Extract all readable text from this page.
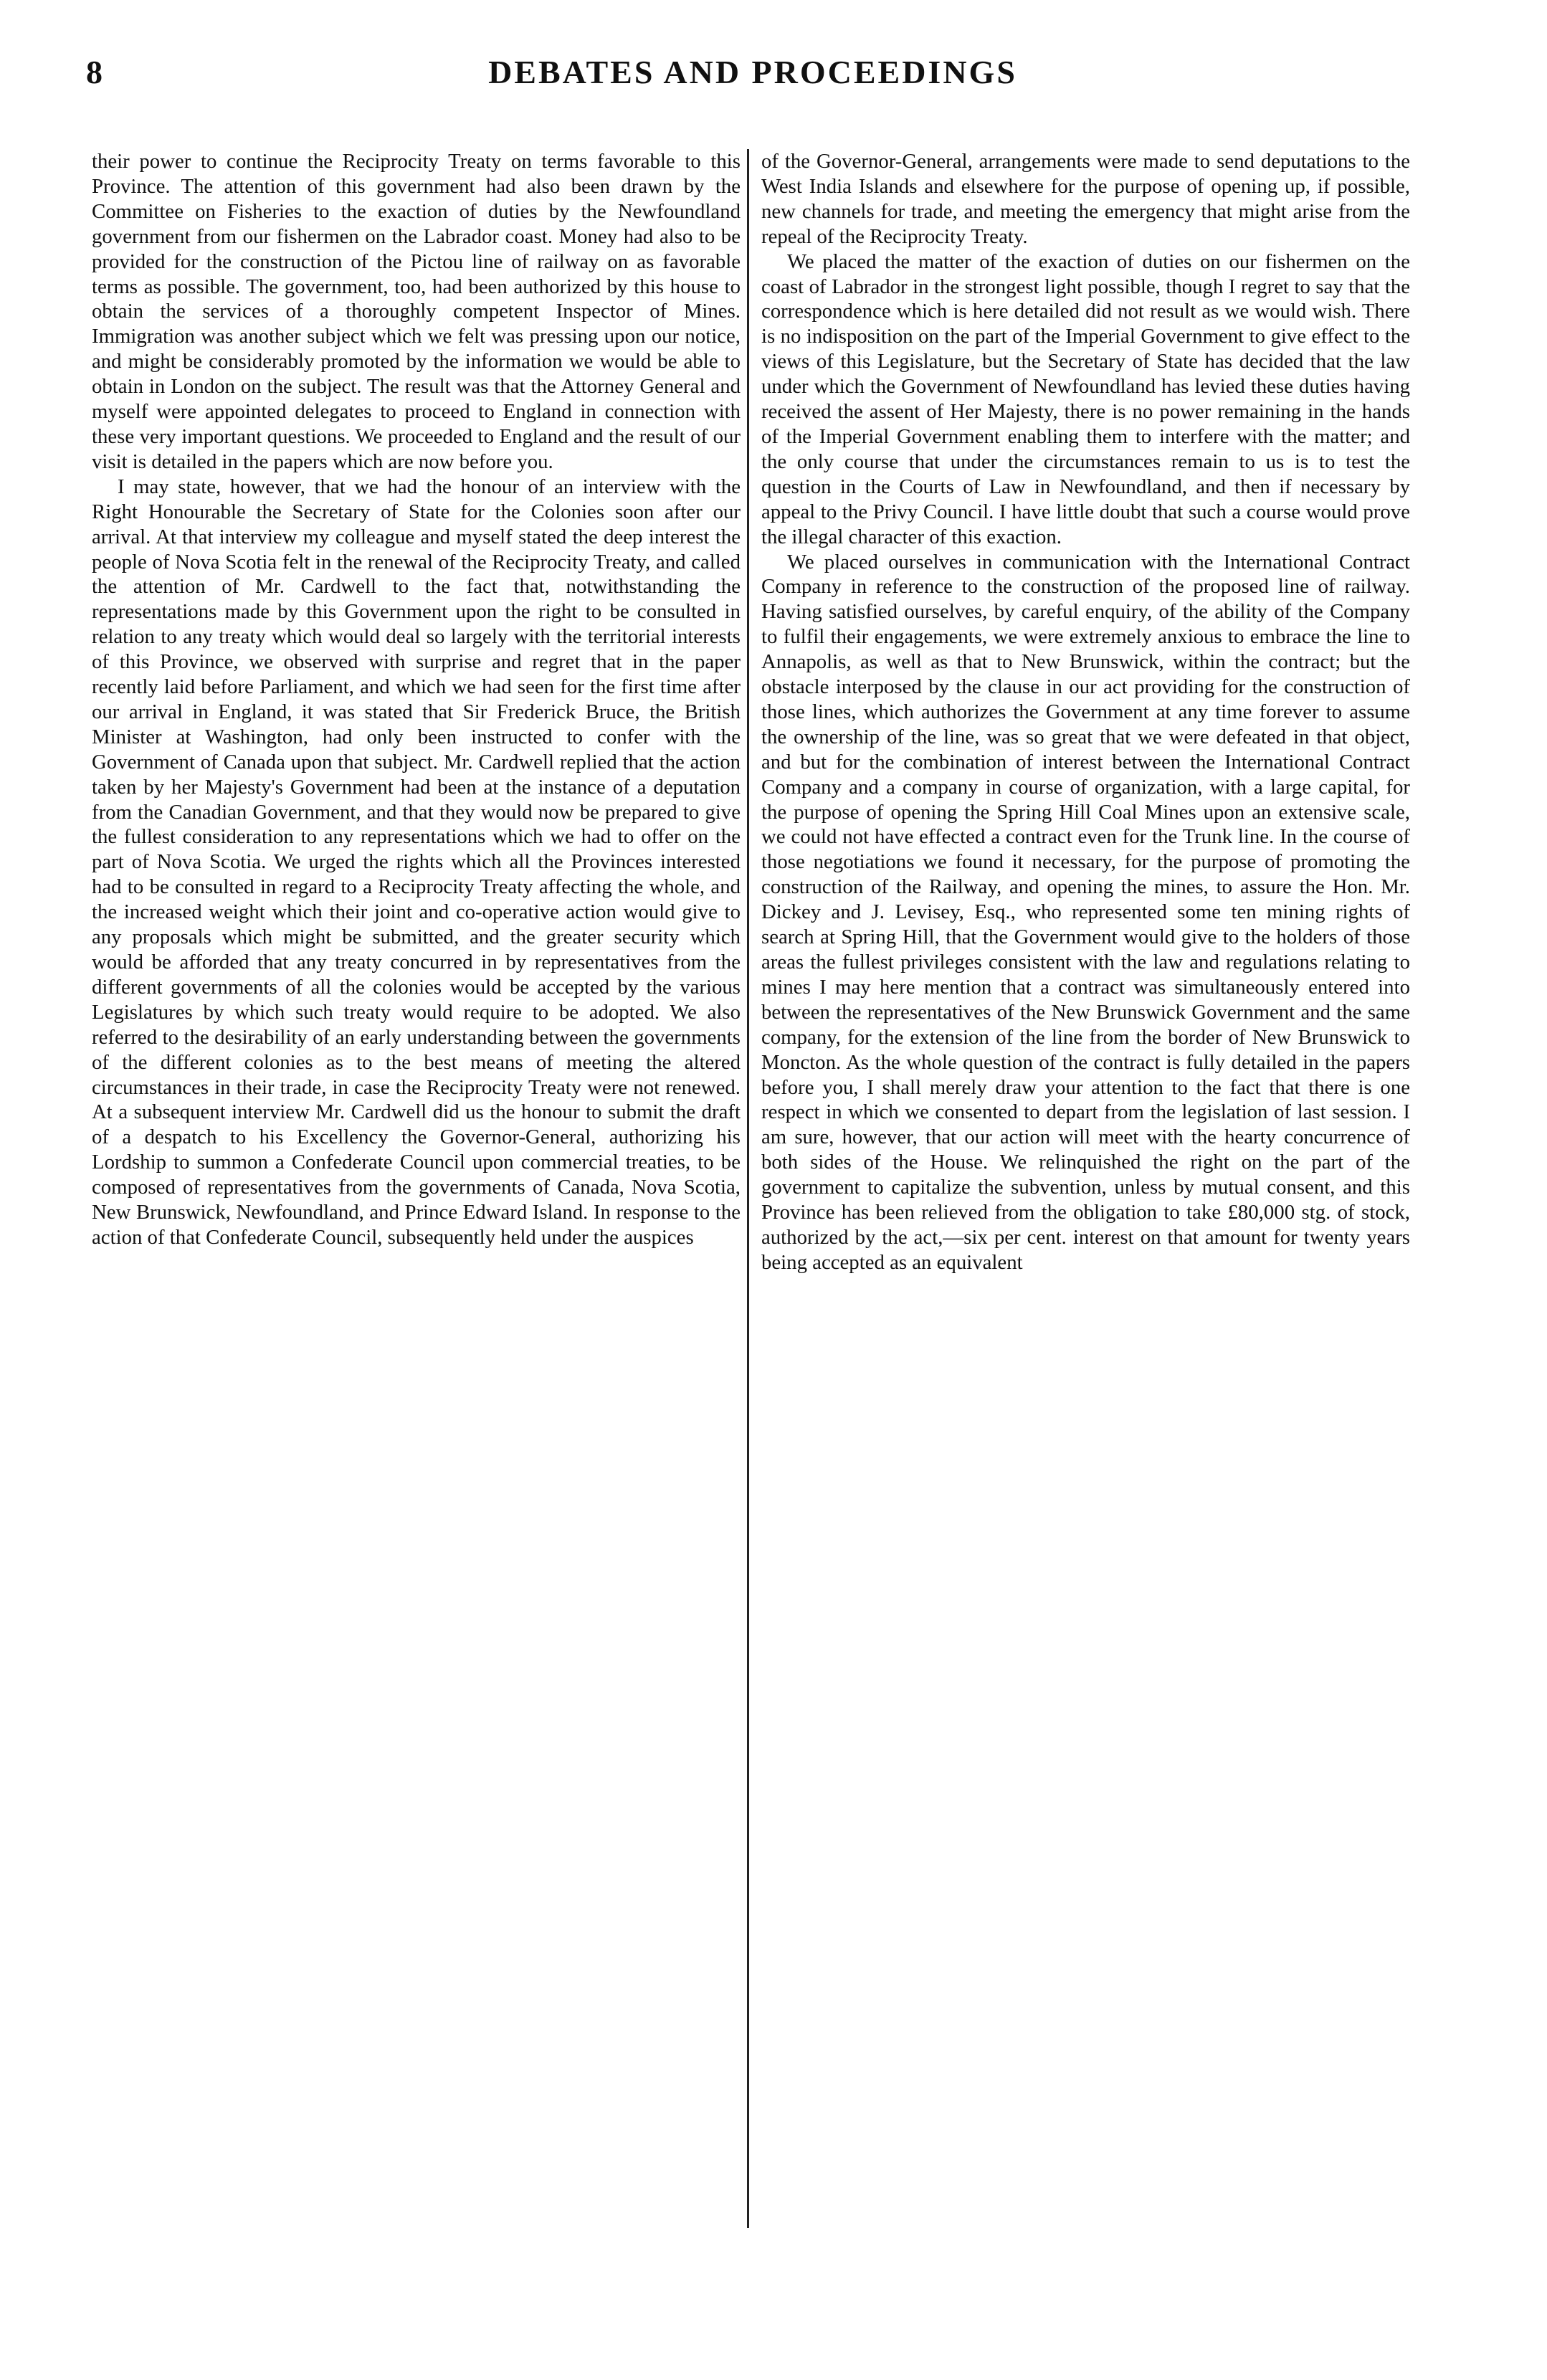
8	DEBATES AND PROCEEDINGS

their power to continue the Reciprocity Treaty on terms favorable to this Province. The attention of this government had also been drawn by the Committee on Fisheries to the exaction of duties by the Newfoundland government from our fishermen on the Labrador coast. Money had also to be provided for the construction of the Pictou line of railway on as favorable terms as possible. The government, too, had been authorized by this house to obtain the services of a thoroughly competent Inspector of Mines. Immigration was another subject which we felt was pressing upon our notice, and might be considerably promoted by the information we would be able to obtain in London on the subject. The result was that the Attorney General and myself were appointed delegates to proceed to England in connection with these very important questions. We proceeded to England and the result of our visit is detailed in the papers which are now before you.

I may state, however, that we had the honour of an interview with the Right Honourable the Secretary of State for the Colonies soon after our arrival. At that interview my colleague and myself stated the deep interest the people of Nova Scotia felt in the renewal of the Reciprocity Treaty, and called the attention of Mr. Cardwell to the fact that, notwithstanding the representations made by this Government upon the right to be consulted in relation to any treaty which would deal so largely with the territorial interests of this Province, we observed with surprise and regret that in the paper recently laid before Parliament, and which we had seen for the first time after our arrival in England, it was stated that Sir Frederick Bruce, the British Minister at Washington, had only been instructed to confer with the Government of Canada upon that subject. Mr. Cardwell replied that the action taken by her Majesty's Government had been at the instance of a deputation from the Canadian Government, and that they would now be prepared to give the fullest consideration to any representations which we had to offer on the part of Nova Scotia. We urged the rights which all the Provinces interested had to be consulted in regard to a Reciprocity Treaty affecting the whole, and the increased weight which their joint and co-operative action would give to any proposals which might be submitted, and the greater security which would be afforded that any treaty concurred in by representatives from the different governments of all the colonies would be accepted by the various Legislatures by which such treaty would require to be adopted. We also referred to the desirability of an early understanding between the governments of the different colonies as to the best means of meeting the altered circumstances in their trade, in case the Reciprocity Treaty were not renewed. At a subsequent interview Mr. Cardwell did us the honour to submit the draft of a despatch to his Excellency the Governor-General, authorizing his Lordship to summon a Confederate Council upon commercial treaties, to be composed of representatives from the governments of Canada, Nova Scotia, New Brunswick, Newfoundland, and Prince Edward Island. In response to the action of that Confederate Council, subsequently held under the auspices

of the Governor-General, arrangements were made to send deputations to the West India Islands and elsewhere for the purpose of opening up, if possible, new channels for trade, and meeting the emergency that might arise from the repeal of the Reciprocity Treaty.

We placed the matter of the exaction of duties on our fishermen on the coast of Labrador in the strongest light possible, though I regret to say that the correspondence which is here detailed did not result as we would wish. There is no indisposition on the part of the Imperial Government to give effect to the views of this Legislature, but the Secretary of State has decided that the law under which the Government of Newfoundland has levied these duties having received the assent of Her Majesty, there is no power remaining in the hands of the Imperial Government enabling them to interfere with the matter; and the only course that under the circumstances remain to us is to test the question in the Courts of Law in Newfoundland, and then if necessary by appeal to the Privy Council. I have little doubt that such a course would prove the illegal character of this exaction.

We placed ourselves in communication with the International Contract Company in reference to the construction of the proposed line of railway. Having satisfied ourselves, by careful enquiry, of the ability of the Company to fulfil their engagements, we were extremely anxious to embrace the line to Annapolis, as well as that to New Brunswick, within the contract; but the obstacle interposed by the clause in our act providing for the construction of those lines, which authorizes the Government at any time forever to assume the ownership of the line, was so great that we were defeated in that object, and but for the combination of interest between the International Contract Company and a company in course of organization, with a large capital, for the purpose of opening the Spring Hill Coal Mines upon an extensive scale, we could not have effected a contract even for the Trunk line. In the course of those negotiations we found it necessary, for the purpose of promoting the construction of the Railway, and opening the mines, to assure the Hon. Mr. Dickey and J. Levisey, Esq., who represented some ten mining rights of search at Spring Hill, that the Government would give to the holders of those areas the fullest privileges consistent with the law and regulations relating to mines I may here mention that a contract was simultaneously entered into between the representatives of the New Brunswick Government and the same company, for the extension of the line from the border of New Brunswick to Moncton. As the whole question of the contract is fully detailed in the papers before you, I shall merely draw your attention to the fact that there is one respect in which we consented to depart from the legislation of last session. I am sure, however, that our action will meet with the hearty concurrence of both sides of the House. We relinquished the right on the part of the government to capitalize the subvention, unless by mutual consent, and this Province has been relieved from the obligation to take £80,000 stg. of stock, authorized by the act,—six per cent. interest on that amount for twenty years being accepted as an equivalent
